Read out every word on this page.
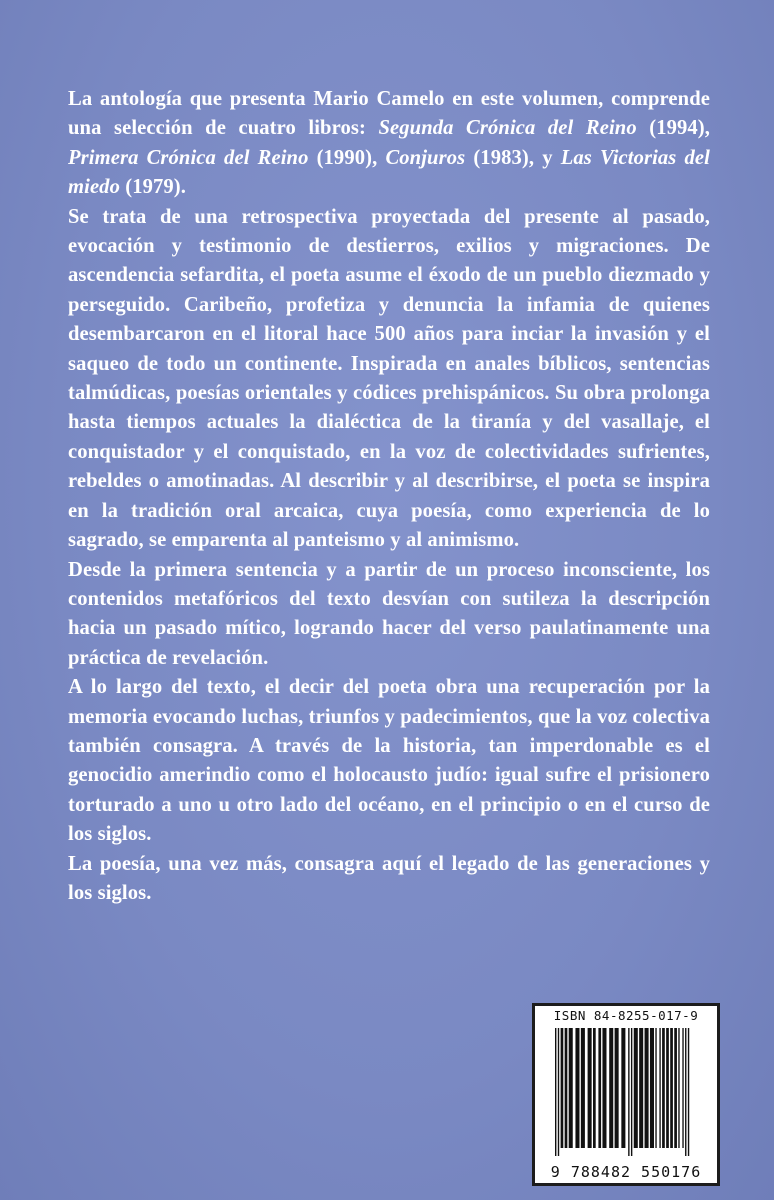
La antología que presenta Mario Camelo en este volumen, comprende una selección de cuatro libros: Segunda Crónica del Reino (1994), Primera Crónica del Reino (1990), Conjuros (1983), y Las Victorias del miedo (1979).

Se trata de una retrospectiva proyectada del presente al pasado, evocación y testimonio de destierros, exilios y migraciones. De ascendencia sefardita, el poeta asume el éxodo de un pueblo diezmado y perseguido. Caribeño, profetiza y denuncia la infamia de quienes desembarcaron en el litoral hace 500 años para inciar la invasión y el saqueo de todo un continente. Inspirada en anales bíblicos, sentencias talmúdicas, poesías orientales y códices prehispánicos. Su obra prolonga hasta tiempos actuales la dialéctica de la tiranía y del vasallaje, el conquistador y el conquistado, en la voz de colectividades sufrientes, rebeldes o amotinadas. Al describir y al describirse, el poeta se inspira en la tradición oral arcaica, cuya poesía, como experiencia de lo sagrado, se emparenta al panteismo y al animismo.

Desde la primera sentencia y a partir de un proceso inconsciente, los contenidos metafóricos del texto desvían con sutileza la descripción hacia un pasado mítico, logrando hacer del verso paulatinamente una práctica de revelación.

A lo largo del texto, el decir del poeta obra una recuperación por la memoria evocando luchas, triunfos y padecimientos, que la voz colectiva también consagra. A través de la historia, tan imperdonable es el genocidio amerindio como el holocausto judío: igual sufre el prisionero torturado a uno u otro lado del océano, en el principio o en el curso de los siglos.

La poesía, una vez más, consagra aquí el legado de las generaciones y los siglos.

ISBN 84-8255-017-9
9 788482 550176
